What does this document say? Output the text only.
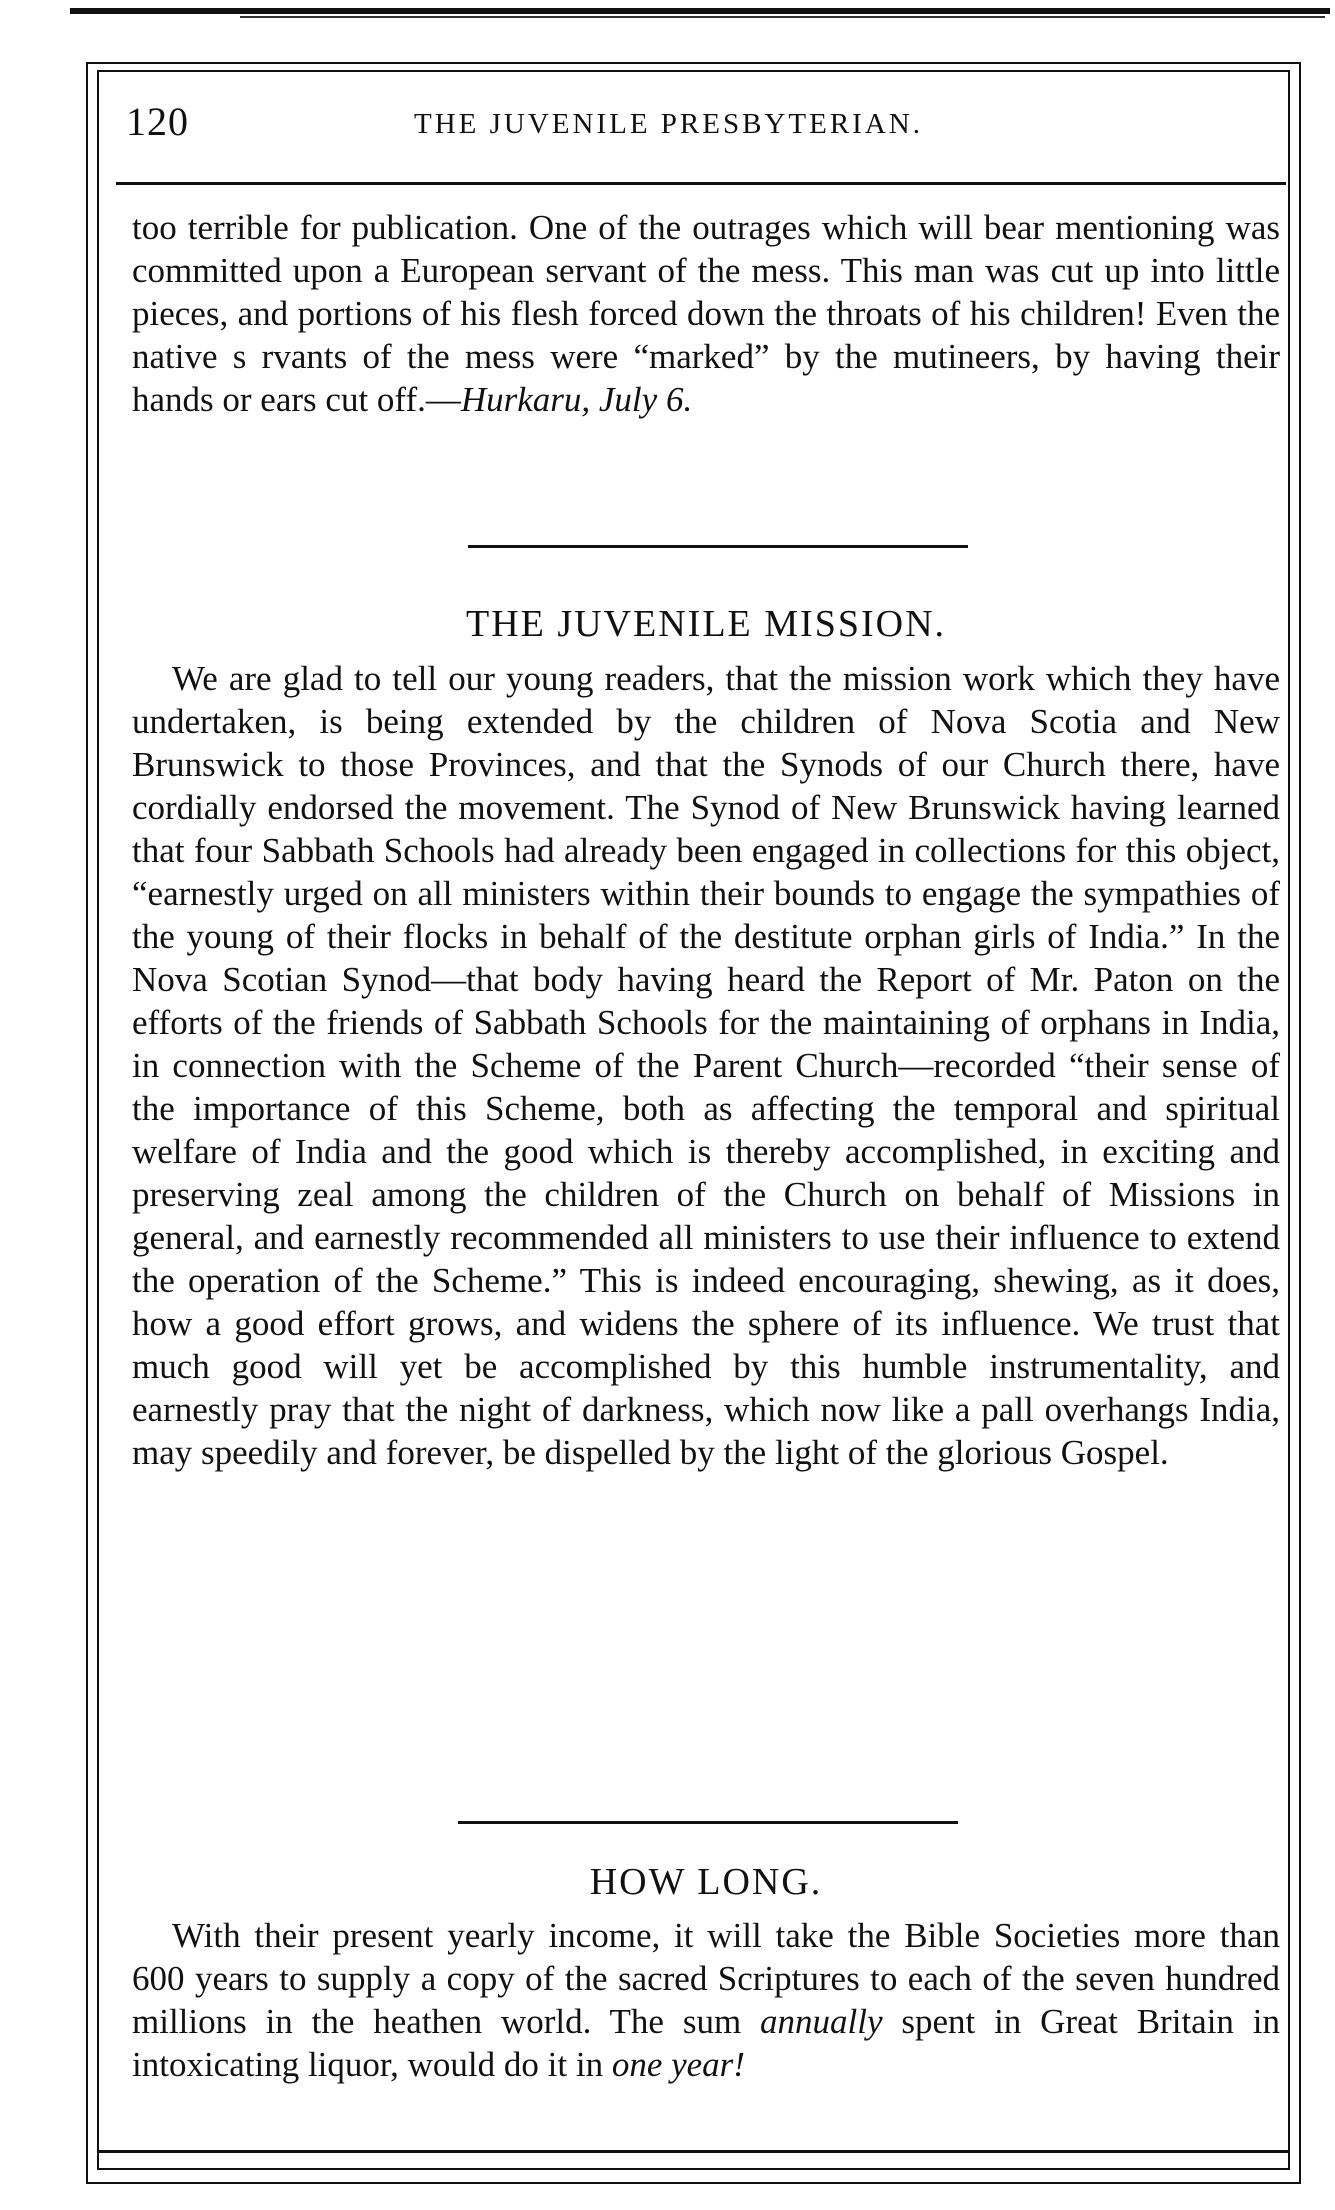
120	THE JUVENILE PRESBYTERIAN.

too terrible for publication. One of the outrages which will bear mentioning was committed upon a European servant of the mess. This man was cut up into little pieces, and portions of his flesh forced down the throats of his children! Even the native s rvants of the mess were “marked” by the mutineers, by having their hands or ears cut off.—Hurkaru, July 6.

THE JUVENILE MISSION.

We are glad to tell our young readers, that the mission work which they have undertaken, is being extended by the children of Nova Scotia and New Brunswick to those Provinces, and that the Synods of our Church there, have cordially endorsed the movement. The Synod of New Brunswick having learned that four Sabbath Schools had already been engaged in collections for this object, “earnestly urged on all ministers within their bounds to engage the sympathies of the young of their flocks in behalf of the destitute orphan girls of India.” In the Nova Scotian Synod—that body having heard the Report of Mr. Paton on the efforts of the friends of Sabbath Schools for the maintaining of orphans in India, in connection with the Scheme of the Parent Church—recorded “their sense of the importance of this Scheme, both as affecting the temporal and spiritual welfare of India and the good which is thereby accomplished, in exciting and preserving zeal among the children of the Church on behalf of Missions in general, and earnestly recommended all ministers to use their influence to extend the operation of the Scheme.” This is indeed encouraging, shewing, as it does, how a good effort grows, and widens the sphere of its influence. We trust that much good will yet be accomplished by this humble instrumentality, and earnestly pray that the night of darkness, which now like a pall overhangs India, may speedily and forever, be dispelled by the light of the glorious Gospel.

HOW LONG.

With their present yearly income, it will take the Bible Societies more than 600 years to supply a copy of the sacred Scriptures to each of the seven hundred millions in the heathen world. The sum annually spent in Great Britain in intoxicating liquor, would do it in one year!
